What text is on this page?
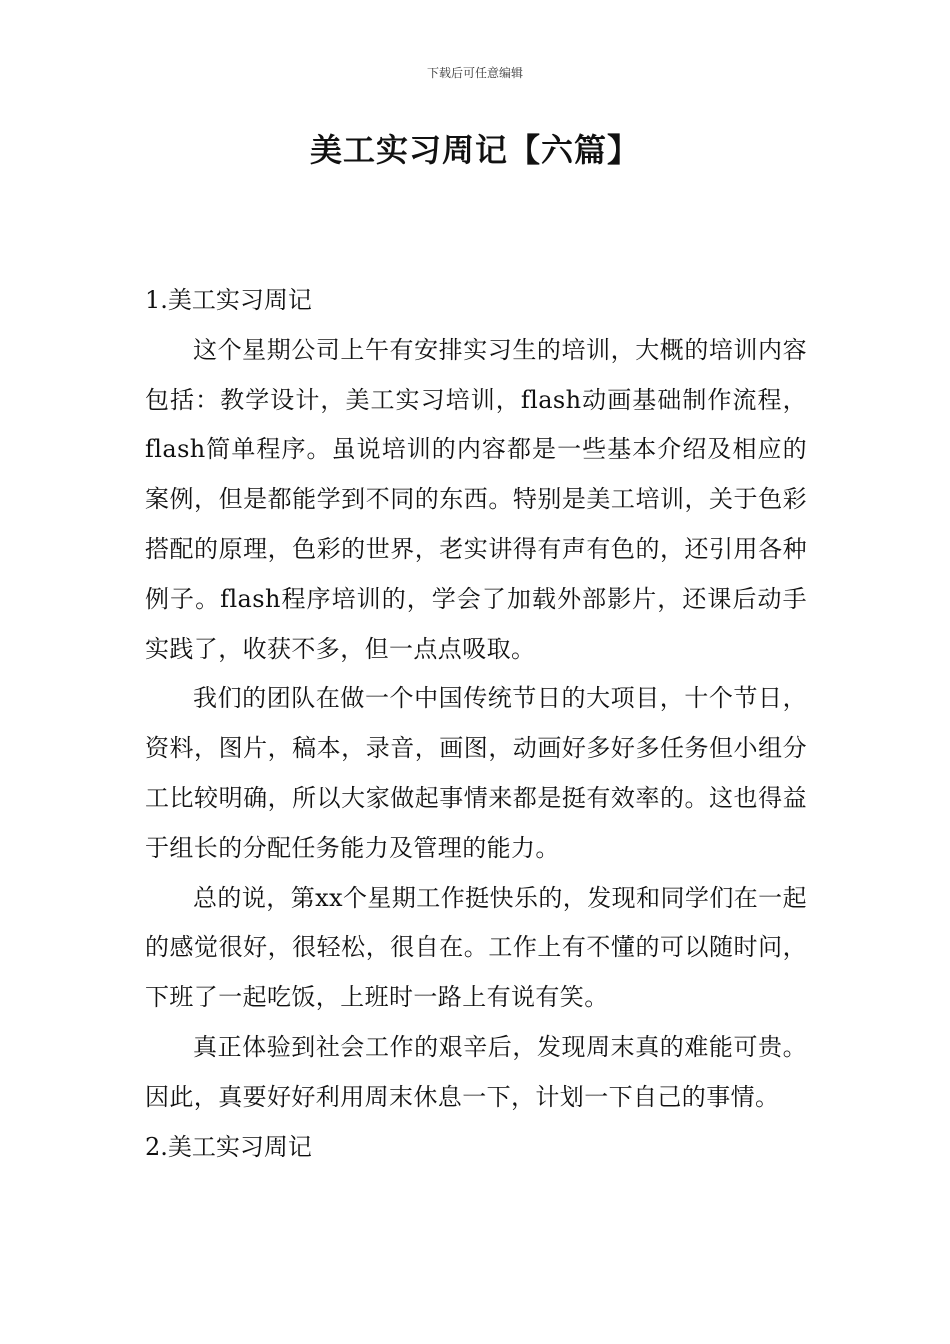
下载后可任意编辑
美工实习周记【六篇】

1.美工实习周记

这个星期公司上午有安排实习生的培训，大概的培训内容包括：教学设计，美工实习培训，flash动画基础制作流程，flash简单程序。虽说培训的内容都是一些基本介绍及相应的案例，但是都能学到不同的东西。特别是美工培训，关于色彩搭配的原理，色彩的世界，老实讲得有声有色的，还引用各种例子。flash程序培训的，学会了加载外部影片，还课后动手实践了，收获不多，但一点点吸取。

我们的团队在做一个中国传统节日的大项目，十个节日，资料，图片，稿本，录音，画图，动画好多好多任务但小组分工比较明确，所以大家做起事情来都是挺有效率的。这也得益于组长的分配任务能力及管理的能力。

总的说，第xx个星期工作挺快乐的，发现和同学们在一起的感觉很好，很轻松，很自在。工作上有不懂的可以随时问，下班了一起吃饭，上班时一路上有说有笑。

真正体验到社会工作的艰辛后，发现周末真的难能可贵。因此，真要好好利用周末休息一下，计划一下自己的事情。

2.美工实习周记
